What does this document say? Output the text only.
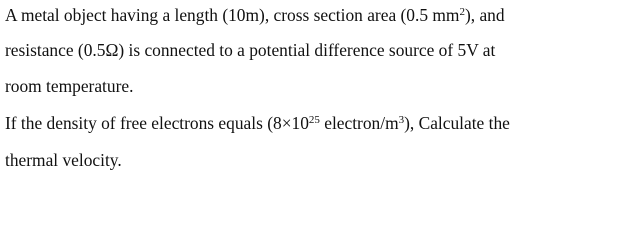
A metal object having a length (10m), cross section area (0.5 $mm^2$), and
resistance (0.5Ω) is connected to a potential difference source of 5V at
room temperature.
If the density of free electrons equals ($8\times 10^{25}$ electron/$m^3$), Calculate the
thermal velocity.
